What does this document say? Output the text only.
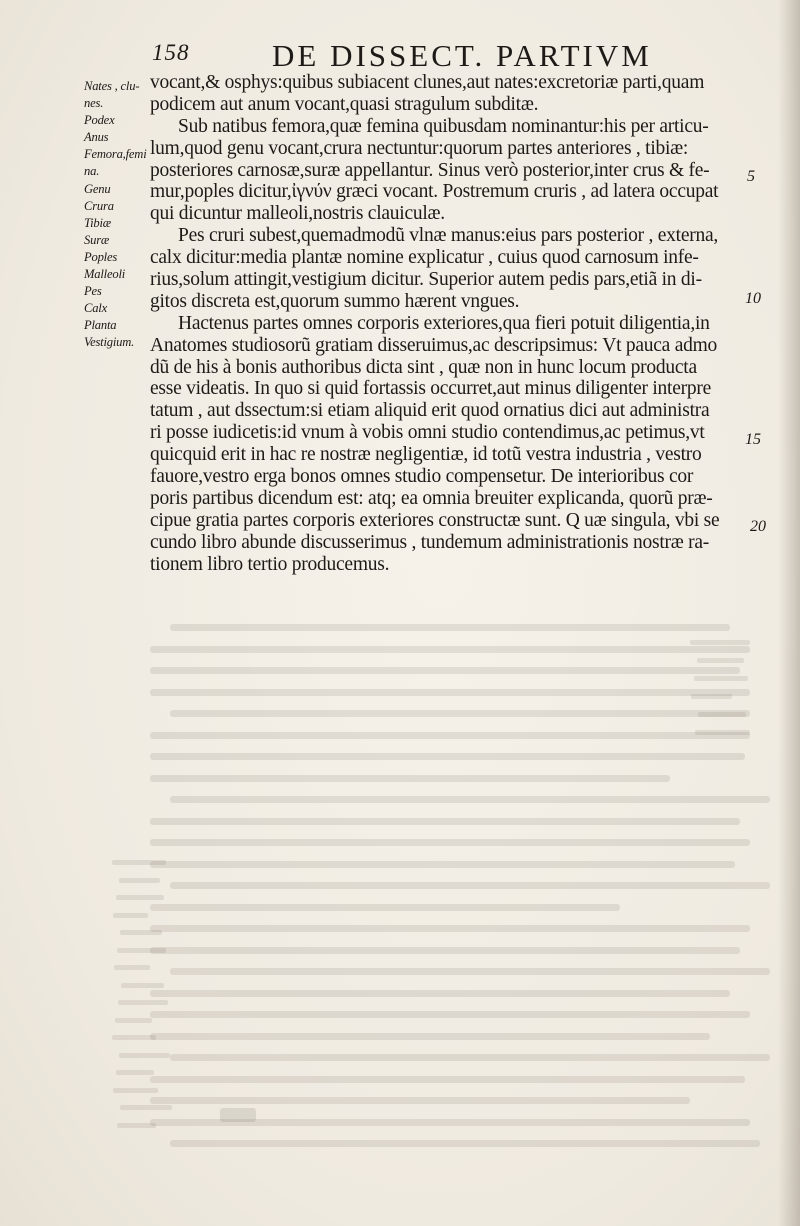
158	DE DISSECT. PARTIVM
Nates , clu-
nes.
Podex
Anus
Femora,femi
na.
Genu
Crura
Tibiæ
Suræ
Poples
Malleoli
Pes
Calx
Planta
Vestigium.
vocant,& osphys:quibus subiacent clunes,aut nates:excretoriæ parti,quam
podicem aut anum vocant,quasi stragulum subditæ.
Sub natibus femora,quæ femina quibusdam nominantur:his per articu-
lum,quod genu vocant,crura nectuntur:quorum partes anteriores , tibiæ:
posteriores carnosæ,suræ appellantur. Sinus verò posterior,inter crus & fe-
mur,poples dicitur,ἰγνύν græci vocant. Postremum cruris , ad latera occupat
qui dicuntur malleoli,nostris clauiculæ.
Pes cruri subest,quemadmodũ vlnæ manus:eius pars posterior , externa,
calx dicitur:media plantæ nomine explicatur , cuius quod carnosum infe-
rius,solum attingit,vestigium dicitur. Superior autem pedis pars,etiã in di-
gitos discreta est,quorum summo hærent vngues.
Hactenus partes omnes corporis exteriores,qua fieri potuit diligentia,in
Anatomes studiosorũ gratiam disseruimus,ac descripsimus: Vt pauca admo
dũ de his à bonis authoribus dicta sint , quæ non in hunc locum producta
esse videatis. In quo si quid fortassis occurret,aut minus diligenter interpre
tatum , aut dssectum:si etiam aliquid erit quod ornatius dici aut administra
ri posse iudicetis:id vnum à vobis omni studio contendimus,ac petimus,vt
quicquid erit in hac re nostræ negligentiæ, id totũ vestra industria , vestro
fauore,vestro erga bonos omnes studio compensetur. De interioribus cor
poris partibus dicendum est: atq; ea omnia breuiter explicanda, quorũ præ-
cipue gratia partes corporis exteriores constructæ sunt. Q uæ singula, vbi se
cundo libro abunde discusserimus , tundemum administrationis nostræ ra-
tionem libro tertio producemus.
5
10
15
20
